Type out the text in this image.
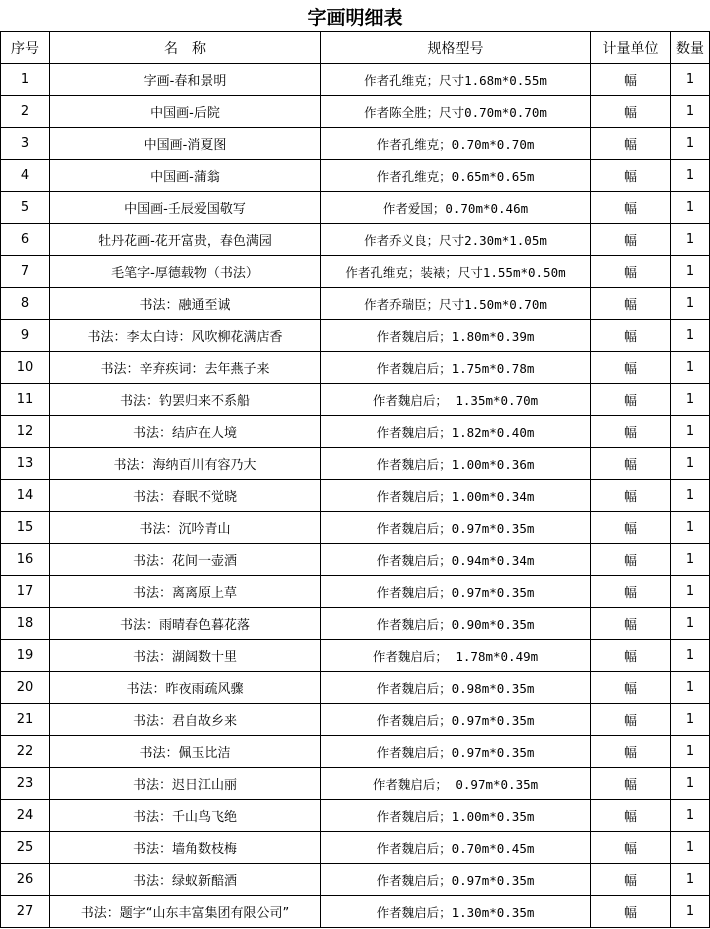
字画明细表				
序号	名　称	规格型号	计量单位	数量
1	字画-春和景明	作者孔维克；尺寸1.68m*0.55m	幅	1
2	中国画-后院	作者陈全胜；尺寸0.70m*0.70m	幅	1
3	中国画-消夏图	作者孔维克；0.70m*0.70m	幅	1
4	中国画-蒲翁	作者孔维克；0.65m*0.65m	幅	1
5	中国画-壬辰爱国敬写	作者爱国；0.70m*0.46m	幅	1
6	牡丹花画-花开富贵，春色满园	作者乔义良；尺寸2.30m*1.05m	幅	1
7	毛笔字-厚德载物（书法）	作者孔维克；装裱；尺寸1.55m*0.50m	幅	1
8	书法：融通至诚	作者乔瑞臣；尺寸1.50m*0.70m	幅	1
9	书法：李太白诗：风吹柳花满店香	作者魏启后；1.80m*0.39m	幅	1
10	书法：辛弃疾词：去年燕子来	作者魏启后；1.75m*0.78m	幅	1
11	书法：钓罢归来不系船	作者魏启后； 1.35m*0.70m	幅	1
12	书法：结庐在人境	作者魏启后；1.82m*0.40m	幅	1
13	书法：海纳百川有容乃大	作者魏启后；1.00m*0.36m	幅	1
14	书法：春眠不觉晓	作者魏启后；1.00m*0.34m	幅	1
15	书法：沉吟青山	作者魏启后；0.97m*0.35m	幅	1
16	书法：花间一壶酒	作者魏启后；0.94m*0.34m	幅	1
17	书法：离离原上草	作者魏启后；0.97m*0.35m	幅	1
18	书法：雨晴春色暮花落	作者魏启后；0.90m*0.35m	幅	1
19	书法：湖阔数十里	作者魏启后； 1.78m*0.49m	幅	1
20	书法：昨夜雨疏风骤	作者魏启后；0.98m*0.35m	幅	1
21	书法：君自故乡来	作者魏启后；0.97m*0.35m	幅	1
22	书法：佩玉比洁	作者魏启后；0.97m*0.35m	幅	1
23	书法：迟日江山丽	作者魏启后； 0.97m*0.35m	幅	1
24	书法：千山鸟飞绝	作者魏启后；1.00m*0.35m	幅	1
25	书法：墙角数枝梅	作者魏启后；0.70m*0.45m	幅	1
26	书法：绿蚁新醅酒	作者魏启后；0.97m*0.35m	幅	1
27	书法：题字“山东丰富集团有限公司”	作者魏启后；1.30m*0.35m	幅	1
